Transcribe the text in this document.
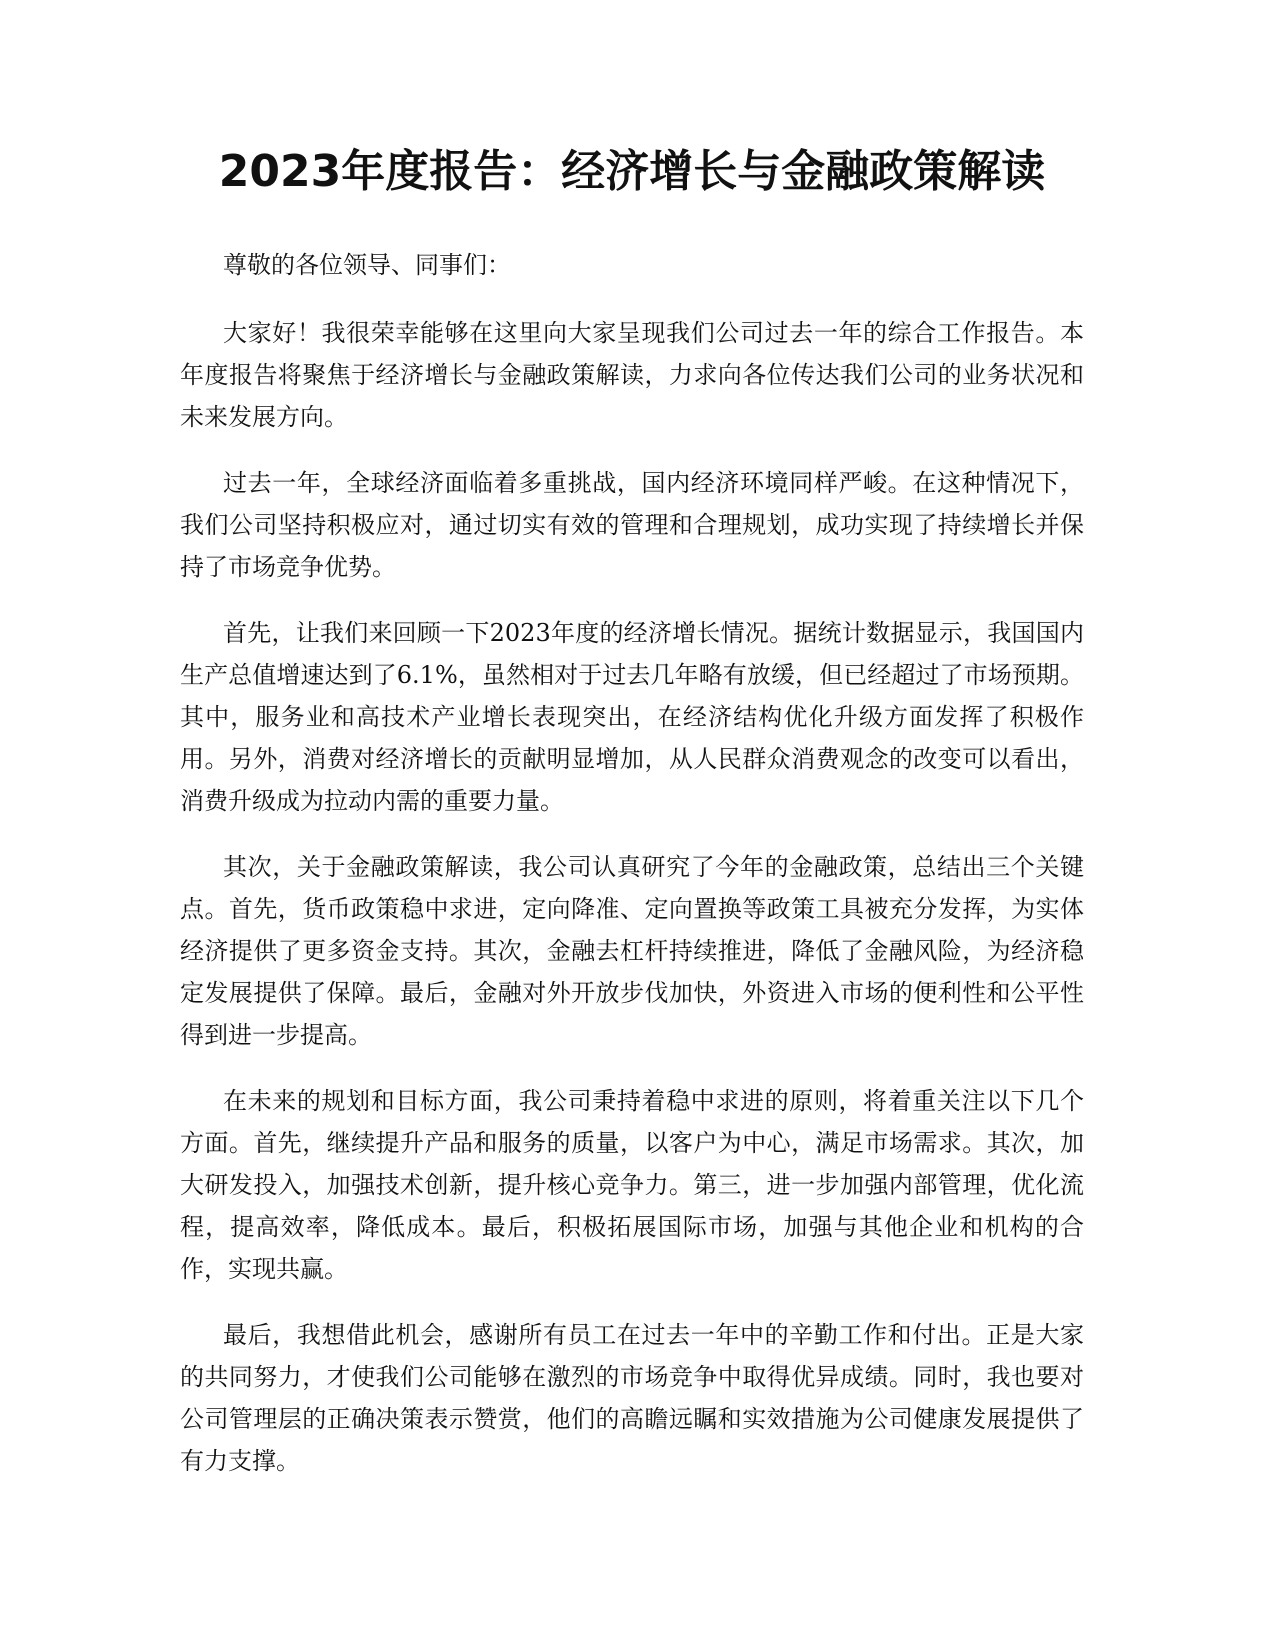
2023年度报告：经济增长与金融政策解读

尊敬的各位领导、同事们：

大家好！我很荣幸能够在这里向大家呈现我们公司过去一年的综合工作报告。本年度报告将聚焦于经济增长与金融政策解读，力求向各位传达我们公司的业务状况和未来发展方向。

过去一年，全球经济面临着多重挑战，国内经济环境同样严峻。在这种情况下，我们公司坚持积极应对，通过切实有效的管理和合理规划，成功实现了持续增长并保持了市场竞争优势。

首先，让我们来回顾一下2023年度的经济增长情况。据统计数据显示，我国国内生产总值增速达到了6.1%，虽然相对于过去几年略有放缓，但已经超过了市场预期。其中，服务业和高技术产业增长表现突出，在经济结构优化升级方面发挥了积极作用。另外，消费对经济增长的贡献明显增加，从人民群众消费观念的改变可以看出，消费升级成为拉动内需的重要力量。

其次，关于金融政策解读，我公司认真研究了今年的金融政策，总结出三个关键点。首先，货币政策稳中求进，定向降准、定向置换等政策工具被充分发挥，为实体经济提供了更多资金支持。其次，金融去杠杆持续推进，降低了金融风险，为经济稳定发展提供了保障。最后，金融对外开放步伐加快，外资进入市场的便利性和公平性得到进一步提高。

在未来的规划和目标方面，我公司秉持着稳中求进的原则，将着重关注以下几个方面。首先，继续提升产品和服务的质量，以客户为中心，满足市场需求。其次，加大研发投入，加强技术创新，提升核心竞争力。第三，进一步加强内部管理，优化流程，提高效率，降低成本。最后，积极拓展国际市场，加强与其他企业和机构的合作，实现共赢。

最后，我想借此机会，感谢所有员工在过去一年中的辛勤工作和付出。正是大家的共同努力，才使我们公司能够在激烈的市场竞争中取得优异成绩。同时，我也要对公司管理层的正确决策表示赞赏，他们的高瞻远瞩和实效措施为公司健康发展提供了有力支撑。
